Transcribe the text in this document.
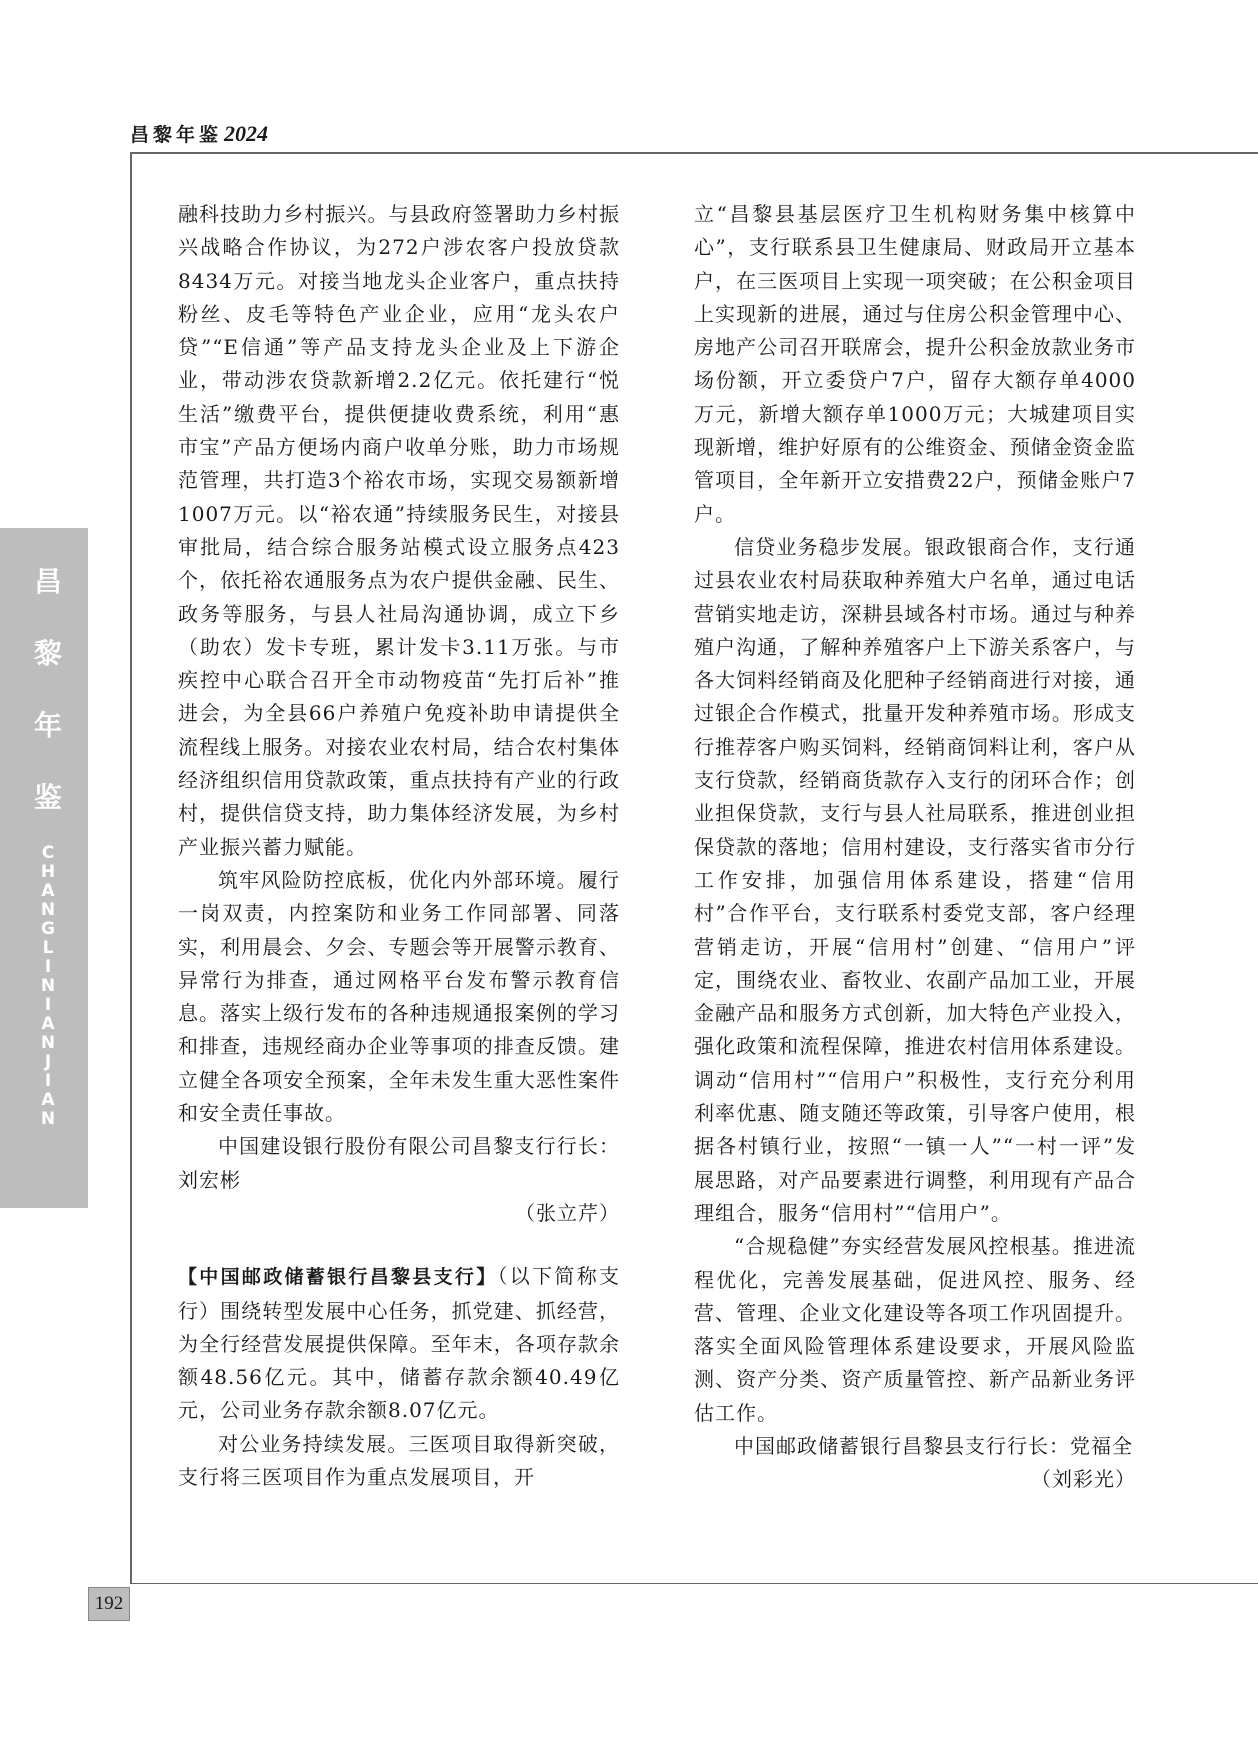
昌黎年鉴2024
昌
黎
年
鉴
C
H
A
N
G
L
I
N
I
A
N
J
I
A
N
192

融科技助力乡村振兴。与县政府签署助力乡村振兴战略合作协议，为272户涉农客户投放贷款8434万元。对接当地龙头企业客户，重点扶持粉丝、皮毛等特色产业企业，应用“龙头农户贷”“E信通”等产品支持龙头企业及上下游企业，带动涉农贷款新增2.2亿元。依托建行“悦生活”缴费平台，提供便捷收费系统，利用“惠市宝”产品方便场内商户收单分账，助力市场规范管理，共打造3个裕农市场，实现交易额新增1007万元。以“裕农通”持续服务民生，对接县审批局，结合综合服务站模式设立服务点423个，依托裕农通服务点为农户提供金融、民生、政务等服务，与县人社局沟通协调，成立下乡（助农）发卡专班，累计发卡3.11万张。与市疾控中心联合召开全市动物疫苗“先打后补”推进会，为全县66户养殖户免疫补助申请提供全流程线上服务。对接农业农村局，结合农村集体经济组织信用贷款政策，重点扶持有产业的行政村，提供信贷支持，助力集体经济发展，为乡村产业振兴蓄力赋能。

筑牢风险防控底板，优化内外部环境。履行一岗双责，内控案防和业务工作同部署、同落实，利用晨会、夕会、专题会等开展警示教育、异常行为排查，通过网格平台发布警示教育信息。落实上级行发布的各种违规通报案例的学习和排查，违规经商办企业等事项的排查反馈。建立健全各项安全预案，全年未发生重大恶性案件和安全责任事故。

中国建设银行股份有限公司昌黎支行行长：刘宏彬

（张立芹）

【中国邮政储蓄银行昌黎县支行】（以下简称支行）围绕转型发展中心任务，抓党建、抓经营，为全行经营发展提供保障。至年末，各项存款余额48.56亿元。其中，储蓄存款余额40.49亿元，公司业务存款余额8.07亿元。

对公业务持续发展。三医项目取得新突破，支行将三医项目作为重点发展项目，开

立“昌黎县基层医疗卫生机构财务集中核算中心”，支行联系县卫生健康局、财政局开立基本户，在三医项目上实现一项突破；在公积金项目上实现新的进展，通过与住房公积金管理中心、房地产公司召开联席会，提升公积金放款业务市场份额，开立委贷户7户，留存大额存单4000万元，新增大额存单1000万元；大城建项目实现新增，维护好原有的公维资金、预储金资金监管项目，全年新开立安措费22户，预储金账户7户。

信贷业务稳步发展。银政银商合作，支行通过县农业农村局获取种养殖大户名单，通过电话营销实地走访，深耕县域各村市场。通过与种养殖户沟通，了解种养殖客户上下游关系客户，与各大饲料经销商及化肥种子经销商进行对接，通过银企合作模式，批量开发种养殖市场。形成支行推荐客户购买饲料，经销商饲料让利，客户从支行贷款，经销商货款存入支行的闭环合作；创业担保贷款，支行与县人社局联系，推进创业担保贷款的落地；信用村建设，支行落实省市分行工作安排，加强信用体系建设，搭建“信用村”合作平台，支行联系村委党支部，客户经理营销走访，开展“信用村”创建、“信用户”评定，围绕农业、畜牧业、农副产品加工业，开展金融产品和服务方式创新，加大特色产业投入，强化政策和流程保障，推进农村信用体系建设。调动“信用村”“信用户”积极性，支行充分利用利率优惠、随支随还等政策，引导客户使用，根据各村镇行业，按照“一镇一人”“一村一评”发展思路，对产品要素进行调整，利用现有产品合理组合，服务“信用村”“信用户”。

“合规稳健”夯实经营发展风控根基。推进流程优化，完善发展基础，促进风控、服务、经营、管理、企业文化建设等各项工作巩固提升。落实全面风险管理体系建设要求，开展风险监测、资产分类、资产质量管控、新产品新业务评估工作。

中国邮政储蓄银行昌黎县支行行长：党福全

（刘彩光）
